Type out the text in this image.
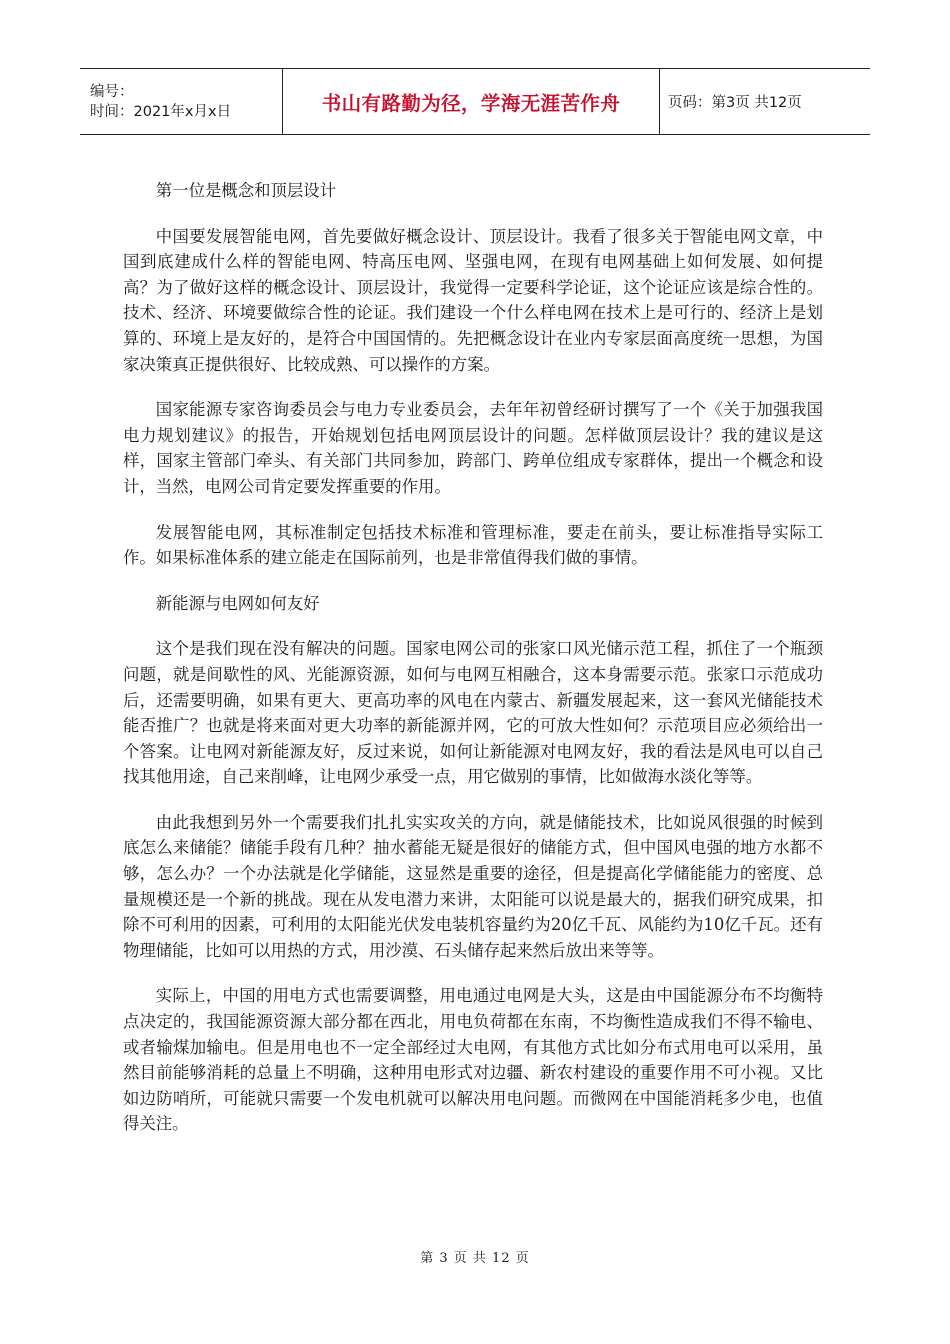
编号：
时间：2021年x月x日	书山有路勤为径，学海无涯苦作舟	页码：第3页 共12页

第一位是概念和顶层设计

中国要发展智能电网，首先要做好概念设计、顶层设计。我看了很多关于智能电网文章，中国到底建成什么样的智能电网、特高压电网、坚强电网，在现有电网基础上如何发展、如何提高？为了做好这样的概念设计、顶层设计，我觉得一定要科学论证，这个论证应该是综合性的。技术、经济、环境要做综合性的论证。我们建设一个什么样电网在技术上是可行的、经济上是划算的、环境上是友好的，是符合中国国情的。先把概念设计在业内专家层面高度统一思想，为国家决策真正提供很好、比较成熟、可以操作的方案。

国家能源专家咨询委员会与电力专业委员会，去年年初曾经研讨撰写了一个《关于加强我国电力规划建议》的报告，开始规划包括电网顶层设计的问题。怎样做顶层设计？我的建议是这样，国家主管部门牵头、有关部门共同参加，跨部门、跨单位组成专家群体，提出一个概念和设计，当然，电网公司肯定要发挥重要的作用。

发展智能电网，其标准制定包括技术标准和管理标准，要走在前头，要让标准指导实际工作。如果标准体系的建立能走在国际前列，也是非常值得我们做的事情。

新能源与电网如何友好

这个是我们现在没有解决的问题。国家电网公司的张家口风光储示范工程，抓住了一个瓶颈问题，就是间歇性的风、光能源资源，如何与电网互相融合，这本身需要示范。张家口示范成功后，还需要明确，如果有更大、更高功率的风电在内蒙古、新疆发展起来，这一套风光储能技术能否推广？也就是将来面对更大功率的新能源并网，它的可放大性如何？示范项目应必须给出一个答案。让电网对新能源友好，反过来说，如何让新能源对电网友好，我的看法是风电可以自己找其他用途，自己来削峰，让电网少承受一点，用它做别的事情，比如做海水淡化等等。

由此我想到另外一个需要我们扎扎实实攻关的方向，就是储能技术，比如说风很强的时候到底怎么来储能？储能手段有几种？抽水蓄能无疑是很好的储能方式，但中国风电强的地方水都不够，怎么办？一个办法就是化学储能，这显然是重要的途径，但是提高化学储能能力的密度、总量规模还是一个新的挑战。现在从发电潜力来讲，太阳能可以说是最大的，据我们研究成果，扣除不可利用的因素，可利用的太阳能光伏发电装机容量约为20亿千瓦、风能约为10亿千瓦。还有物理储能，比如可以用热的方式，用沙漠、石头储存起来然后放出来等等。

实际上，中国的用电方式也需要调整，用电通过电网是大头，这是由中国能源分布不均衡特点决定的，我国能源资源大部分都在西北，用电负荷都在东南，不均衡性造成我们不得不输电、或者输煤加输电。但是用电也不一定全部经过大电网，有其他方式比如分布式用电可以采用，虽然目前能够消耗的总量上不明确，这种用电形式对边疆、新农村建设的重要作用不可小视。又比如边防哨所，可能就只需要一个发电机就可以解决用电问题。而微网在中国能消耗多少电，也值得关注。

第 3 页 共 12 页
